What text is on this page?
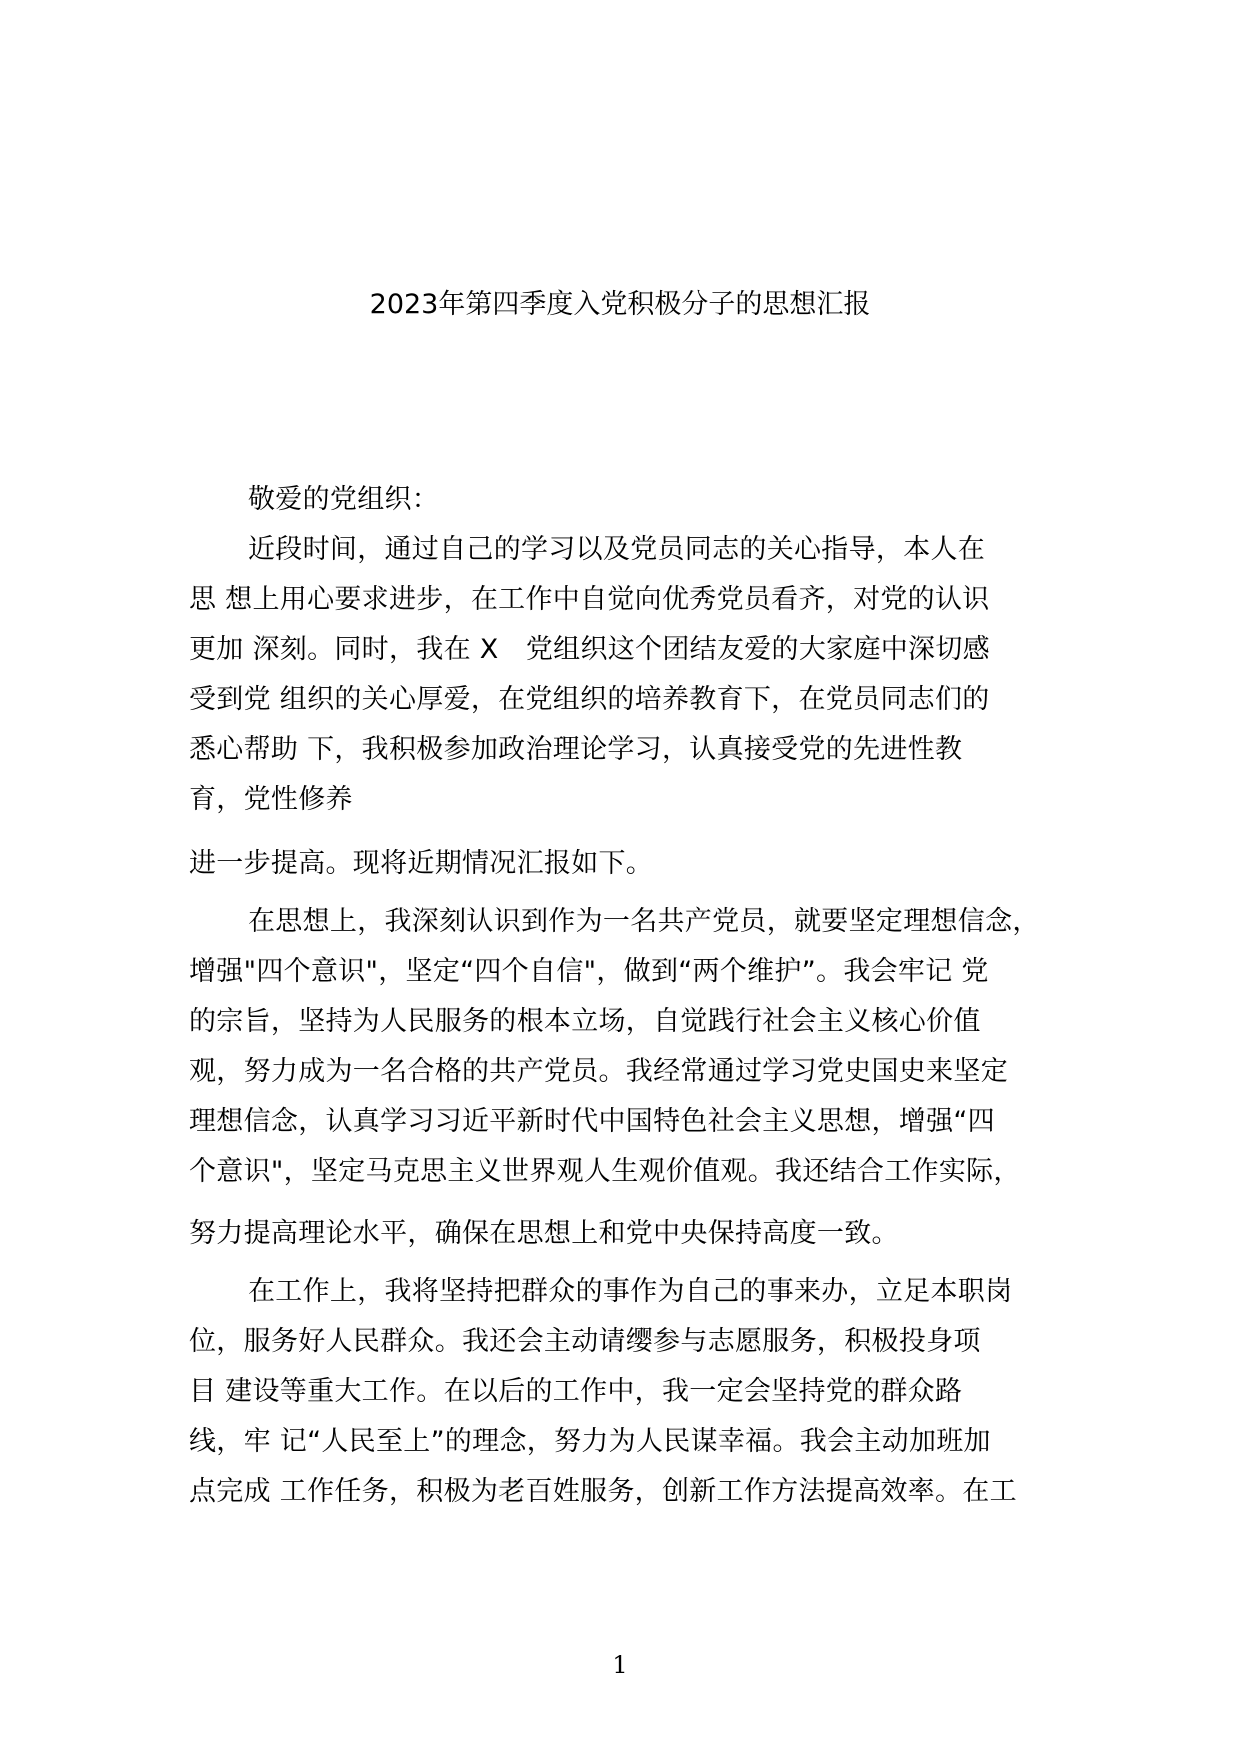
2023年第四季度入党积极分子的思想汇报
敬爱的党组织：
近段时间，通过自己的学习以及党员同志的关心指导，本人在
思 想上用心要求进步，在工作中自觉向优秀党员看齐，对党的认识
更加 深刻。同时，我在 X　党组织这个团结友爱的大家庭中深切感
受到党 组织的关心厚爱，在党组织的培养教育下，在党员同志们的
悉心帮助 下，我积极参加政治理论学习，认真接受党的先进性教
育，党性修养
进一步提高。现将近期情况汇报如下。
在思想上，我深刻认识到作为一名共产党员，就要坚定理想信念，
增强"四个意识"，坚定“四个自信"，做到“两个维护”。我会牢记 党
的宗旨，坚持为人民服务的根本立场，自觉践行社会主义核心价值
观，努力成为一名合格的共产党员。我经常通过学习党史国史来坚定
理想信念，认真学习习近平新时代中国特色社会主义思想，增强“四
个意识"，坚定马克思主义世界观人生观价值观。我还结合工作实际，
努力提高理论水平，确保在思想上和党中央保持高度一致。
在工作上，我将坚持把群众的事作为自己的事来办，立足本职岗
位，服务好人民群众。我还会主动请缨参与志愿服务，积极投身项
目 建设等重大工作。在以后的工作中，我一定会坚持党的群众路
线，牢 记“人民至上”的理念，努力为人民谋幸福。我会主动加班加
点完成 工作任务，积极为老百姓服务，创新工作方法提高效率。在工
1
